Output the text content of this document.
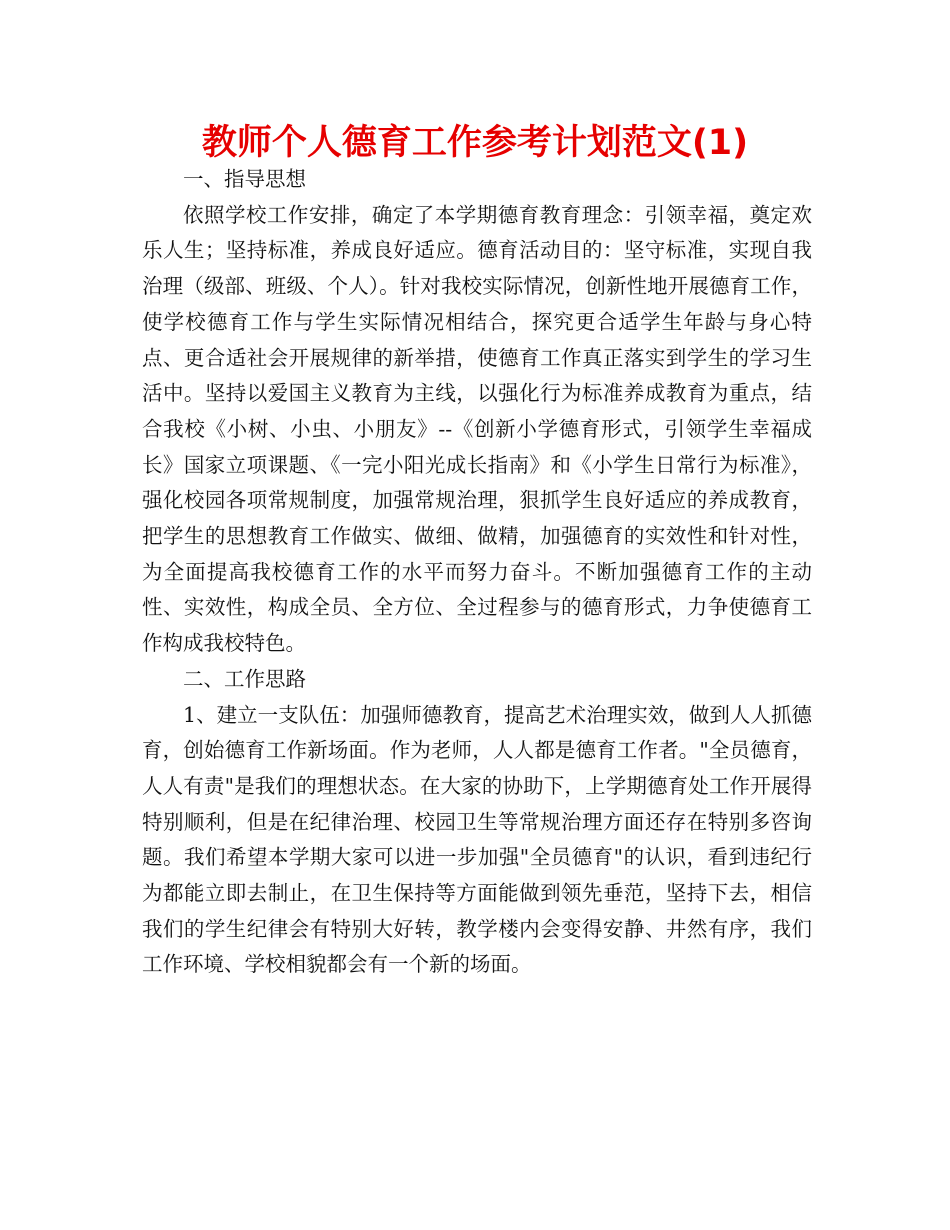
教师个人德育工作参考计划范文(1)

一、指导思想

依照学校工作安排，确定了本学期德育教育理念：引领幸福，奠定欢乐人生；坚持标准，养成良好适应。德育活动目的：坚守标准，实现自我治理（级部、班级、个人）。针对我校实际情况，创新性地开展德育工作，使学校德育工作与学生实际情况相结合，探究更合适学生年龄与身心特点、更合适社会开展规律的新举措，使德育工作真正落实到学生的学习生活中。坚持以爱国主义教育为主线，以强化行为标准养成教育为重点，结合我校《小树、小虫、小朋友》--《创新小学德育形式，引领学生幸福成长》国家立项课题、《一完小阳光成长指南》和《小学生日常行为标准》，强化校园各项常规制度，加强常规治理，狠抓学生良好适应的养成教育，把学生的思想教育工作做实、做细、做精，加强德育的实效性和针对性，为全面提高我校德育工作的水平而努力奋斗。不断加强德育工作的主动性、实效性，构成全员、全方位、全过程参与的德育形式，力争使德育工作构成我校特色。

二、工作思路

1、建立一支队伍：加强师德教育，提高艺术治理实效，做到人人抓德育，创始德育工作新场面。作为老师，人人都是德育工作者。"全员德育，人人有责"是我们的理想状态。在大家的协助下，上学期德育处工作开展得特别顺利，但是在纪律治理、校园卫生等常规治理方面还存在特别多咨询题。我们希望本学期大家可以进一步加强"全员德育"的认识，看到违纪行为都能立即去制止，在卫生保持等方面能做到领先垂范，坚持下去，相信我们的学生纪律会有特别大好转，教学楼内会变得安静、井然有序，我们工作环境、学校相貌都会有一个新的场面。
